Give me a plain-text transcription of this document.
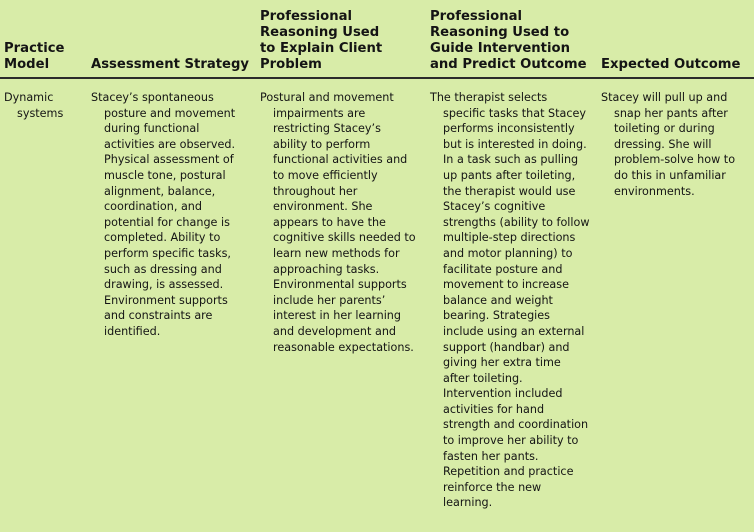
Practice
Model	Assessment Strategy
Professional
Reasoning Used
to Explain Client
Problem
Professional
Reasoning Used to
Guide Intervention
and Predict Outcome Expected Outcome

Dynamic systems

Stacey’s spontaneous posture and movement during functional activities are observed. Physical assessment of muscle tone, postural alignment, balance, coordination, and potential for change is completed. Ability to perform specific tasks, such as dressing and drawing, is assessed. Environment supports and constraints are identified.

Postural and movement impairments are restricting Stacey’s ability to perform functional activities and to move efficiently throughout her environment. She appears to have the cognitive skills needed to learn new methods for approaching tasks. Environmental supports include her parents’ interest in her learning and development and reasonable expectations.

The therapist selects specific tasks that Stacey performs inconsistently but is interested in doing. In a task such as pulling up pants after toileting, the therapist would use Stacey’s cognitive strengths (ability to follow multiple-step directions and motor planning) to facilitate posture and movement to increase balance and weight bearing. Strategies include using an external support (handbar) and giving her extra time after toileting. Intervention included activities for hand strength and coordination to improve her ability to fasten her pants. Repetition and practice reinforce the new learning.

Stacey will pull up and snap her pants after toileting or during dressing. She will problem-solve how to do this in unfamiliar environments.
